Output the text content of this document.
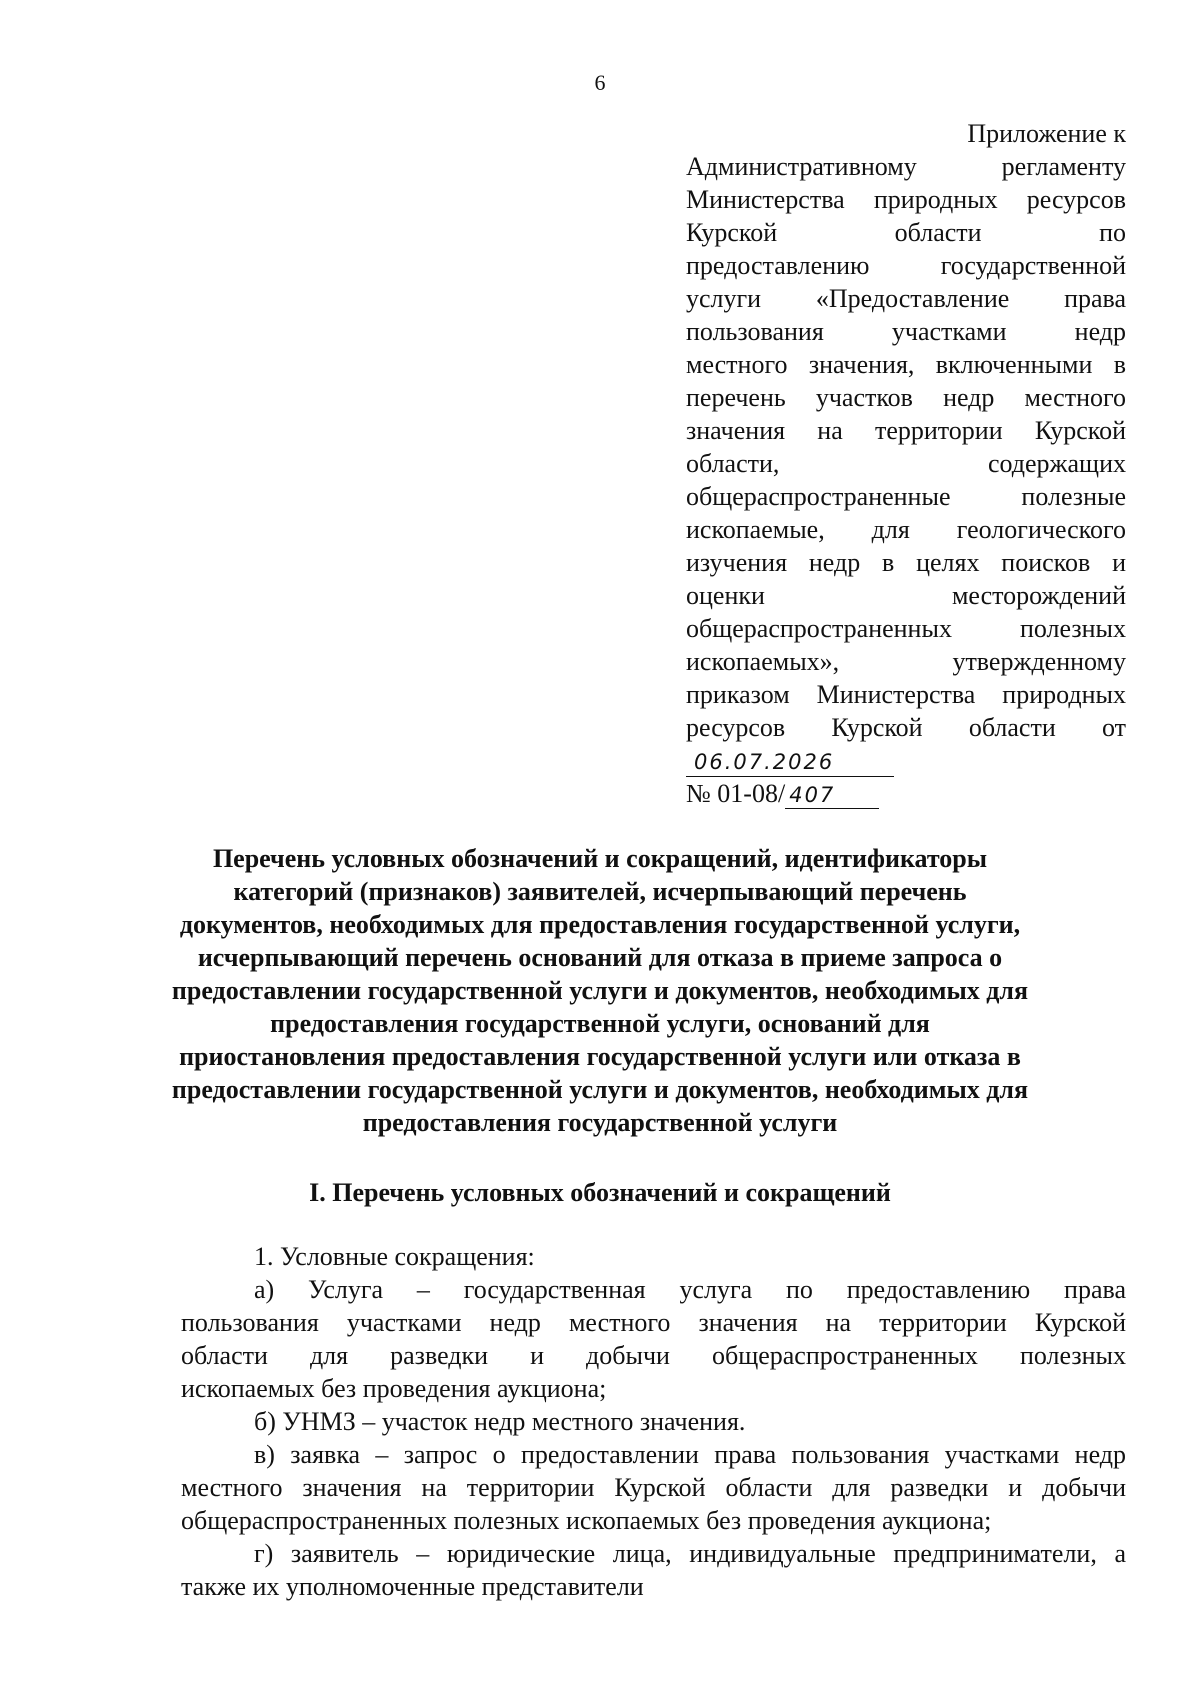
6
Приложение к
Административному регламенту
Министерства природных ресурсов
Курской области по
предоставлению государственной
услуги «Предоставление права
пользования участками недр
местного значения, включенными в
перечень участков недр местного
значения на территории Курской
области, содержащих
общераспространенные полезные
ископаемые, для геологического
изучения недр в целях поисков и
оценки месторождений
общераспространенных полезных
ископаемых», утвержденному
приказом Министерства природных
ресурсов Курской области от
06.07.2026
№ 01-08/ 407
Перечень условных обозначений и сокращений, идентификаторы
категорий (признаков) заявителей, исчерпывающий перечень
документов, необходимых для предоставления государственной услуги,
исчерпывающий перечень оснований для отказа в приеме запроса о
предоставлении государственной услуги и документов, необходимых для
предоставления государственной услуги, оснований для
приостановления предоставления государственной услуги или отказа в
предоставлении государственной услуги и документов, необходимых для
предоставления государственной услуги
I. Перечень условных обозначений и сокращений
1. Условные сокращения:
а) Услуга – государственная услуга по предоставлению права
пользования участками недр местного значения на территории Курской
области для разведки и добычи общераспространенных полезных
ископаемых без проведения аукциона;
б) УНМЗ – участок недр местного значения.
в) заявка – запрос о предоставлении права пользования участками недр
местного значения на территории Курской области для разведки и добычи
общераспространенных полезных ископаемых без проведения аукциона;
г) заявитель – юридические лица, индивидуальные предприниматели, а
также их уполномоченные представители
